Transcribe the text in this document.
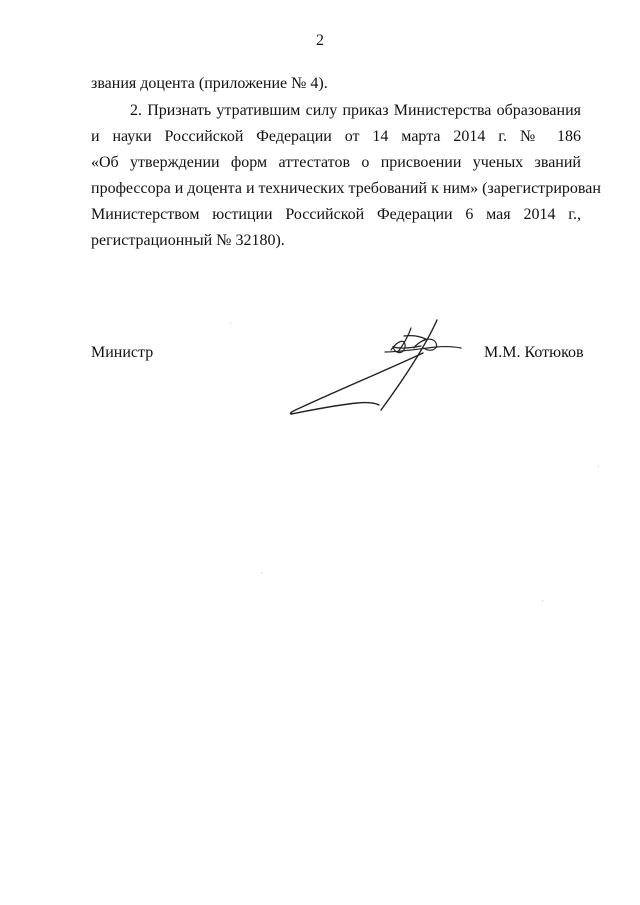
2
звания доцента (приложение № 4).
2. Признать утратившим силу приказ Министерства образования
и науки Российской Федерации от 14 марта 2014 г. № 186
«Об утверждении форм аттестатов о присвоении ученых званий
профессора и доцента и технических требований к ним» (зарегистрирован
Министерством юстиции Российской Федерации 6 мая 2014 г.,
регистрационный № 32180).
Министр	М.М. Котюков
